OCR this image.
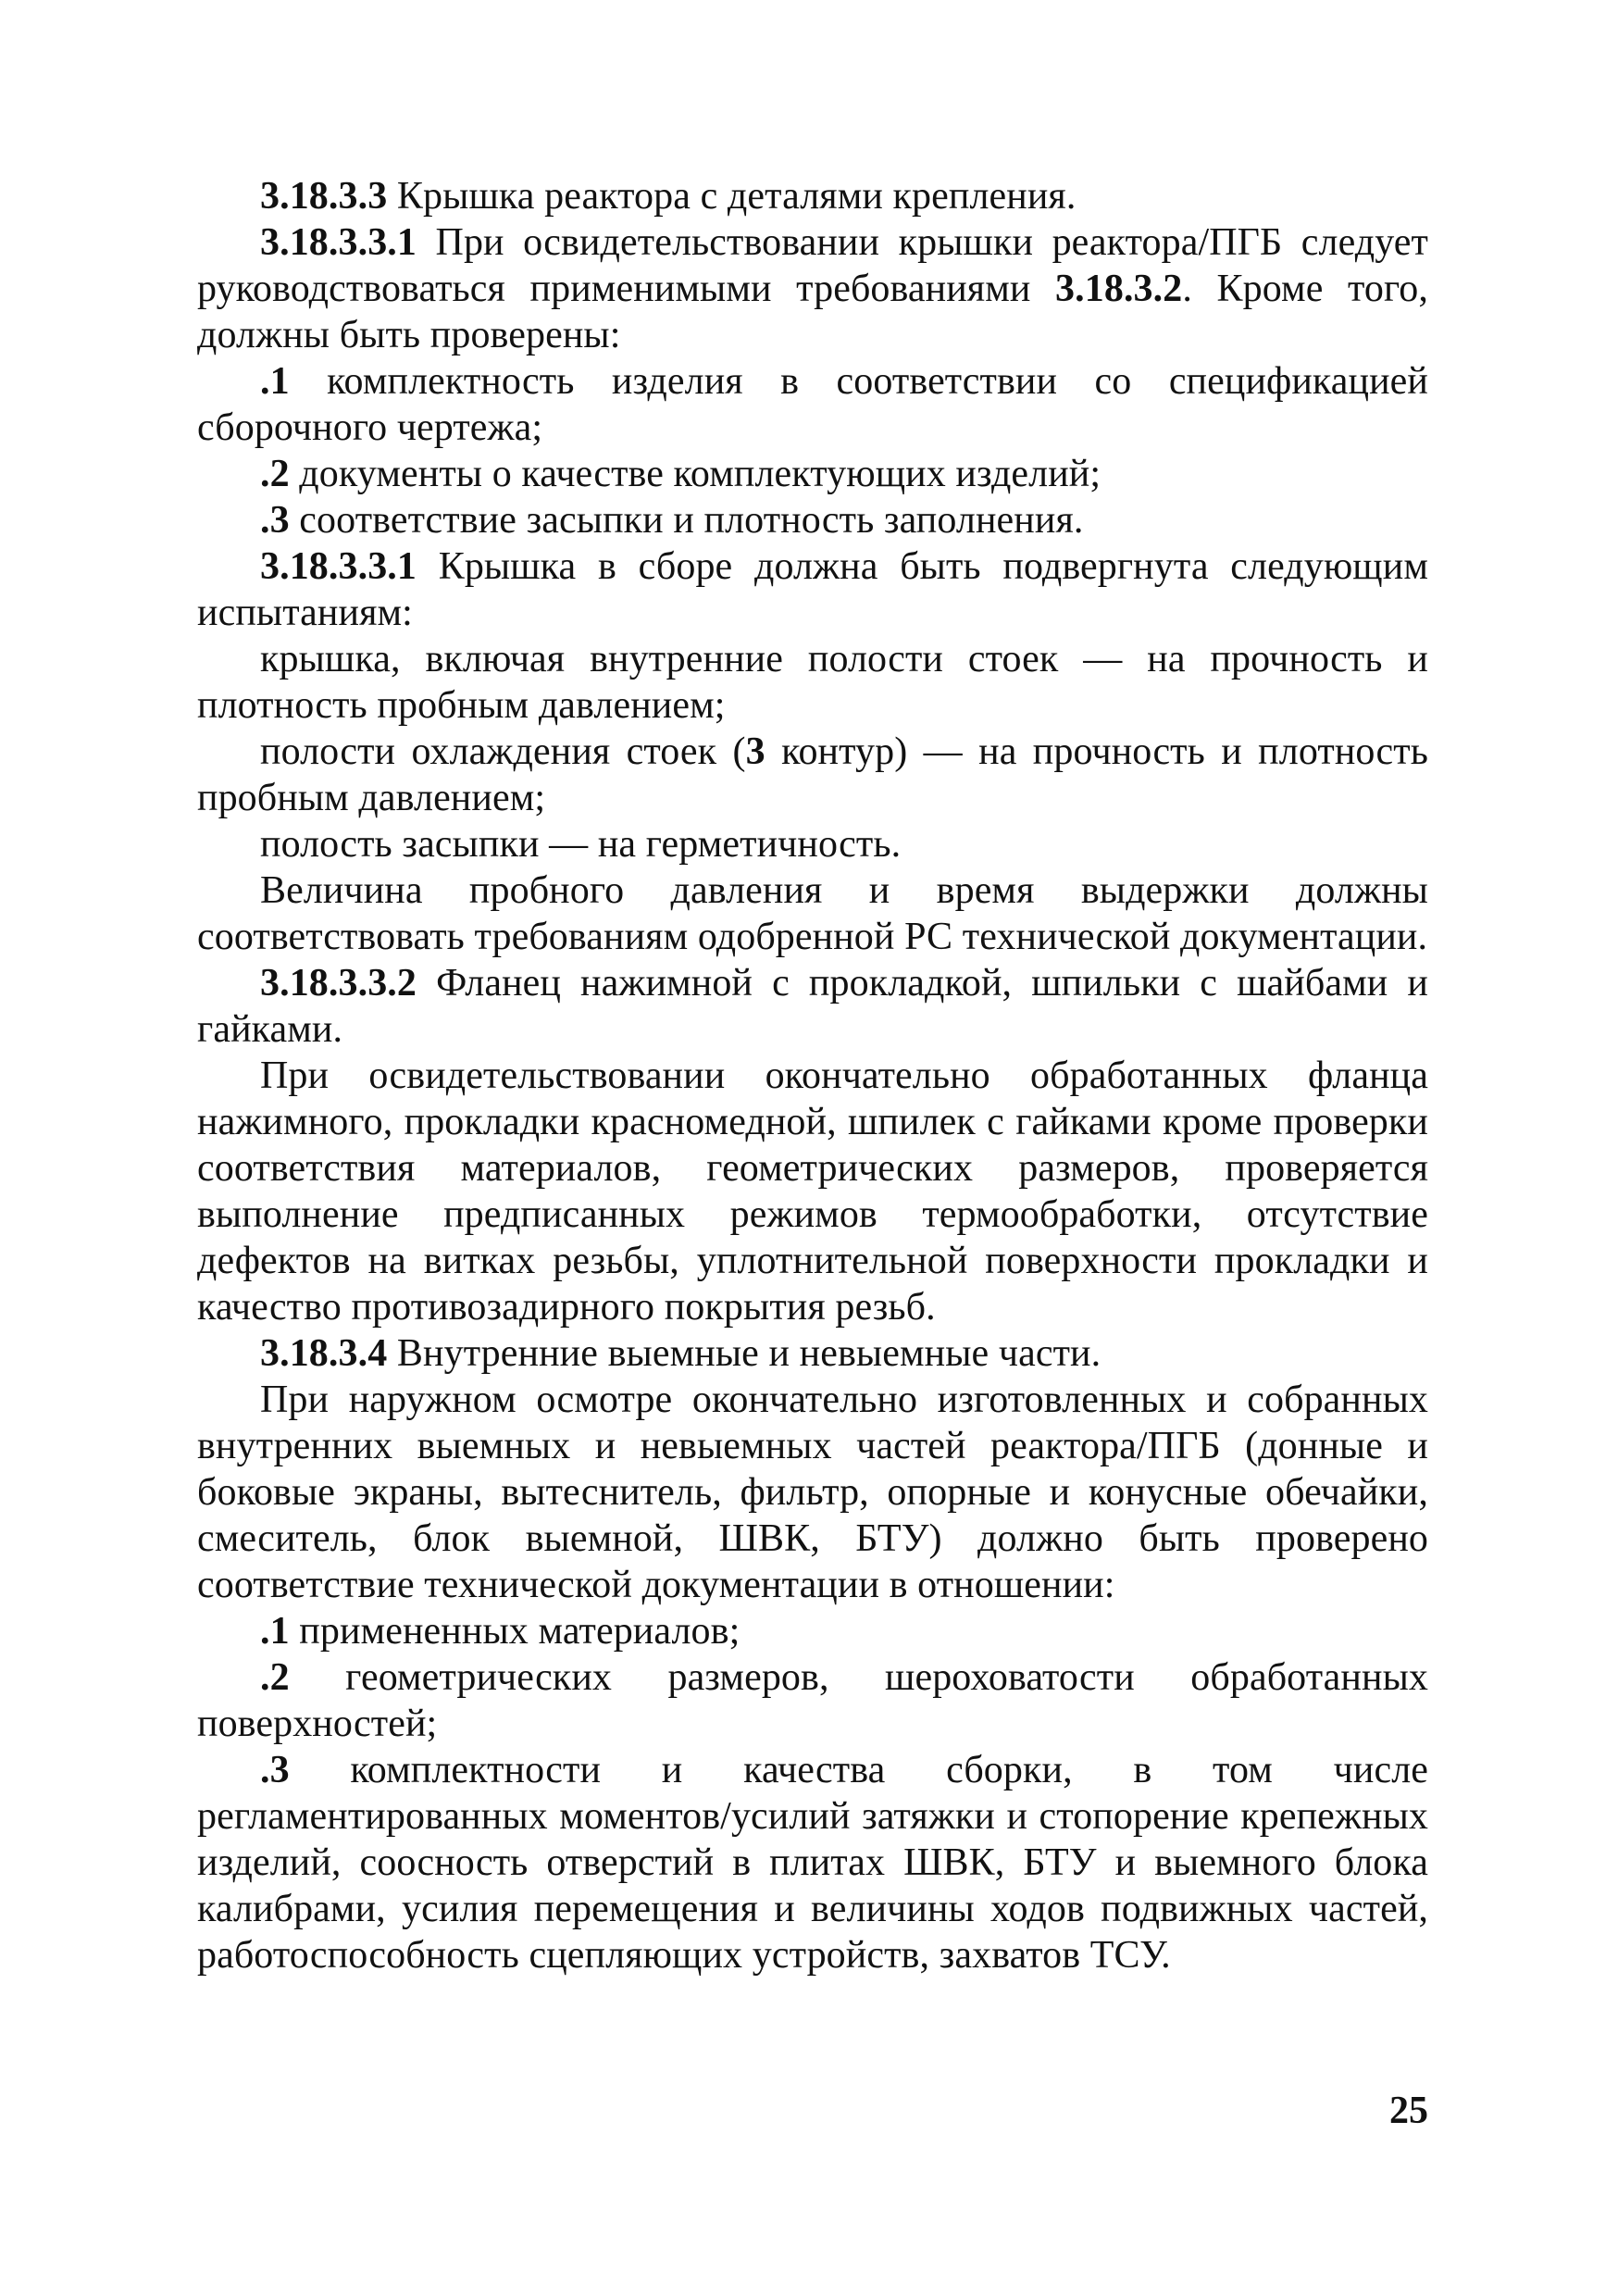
3.18.3.3 Крышка реактора с деталями крепления.

3.18.3.3.1 При освидетельствовании крышки реактора/ПГБ следует руководствоваться применимыми требованиями 3.18.3.2. Кроме того, должны быть проверены:

.1 комплектность изделия в соответствии со спецификацией сборочного чертежа;

.2 документы о качестве комплектующих изделий;

.3 соответствие засыпки и плотность заполнения.

3.18.3.3.1 Крышка в сборе должна быть подвергнута следующим испытаниям:

крышка, включая внутренние полости стоек — на прочность и плотность пробным давлением;

полости охлаждения стоек (3 контур) — на прочность и плотность пробным давлением;

полость засыпки — на герметичность.

Величина пробного давления и время выдержки должны соответствовать требованиям одобренной РС технической документации.

3.18.3.3.2 Фланец нажимной с прокладкой, шпильки с шайбами и гайками.

При освидетельствовании окончательно обработанных фланца нажимного, прокладки красномедной, шпилек с гайками кроме проверки соответствия материалов, геометрических размеров, проверяется выполнение предписанных режимов термообработки, отсутствие дефектов на витках резьбы, уплотнительной поверхности прокладки и качество противозадирного покрытия резьб.

3.18.3.4 Внутренние выемные и невыемные части.

При наружном осмотре окончательно изготовленных и собранных внутренних выемных и невыемных частей реактора/ПГБ (донные и боковые экраны, вытеснитель, фильтр, опорные и конусные обечайки, смеситель, блок выемной, ШВК, БТУ) должно быть проверено соответствие технической документации в отношении:

.1 примененных материалов;

.2 геометрических размеров, шероховатости обработанных поверхностей;

.3 комплектности и качества сборки, в том числе регламентированных моментов/усилий затяжки и стопорение крепежных изделий, соосность отверстий в плитах ШВК, БТУ и выемного блока калибрами, усилия перемещения и величины ходов подвижных частей, работоспособность сцепляющих устройств, захватов ТСУ.

25
